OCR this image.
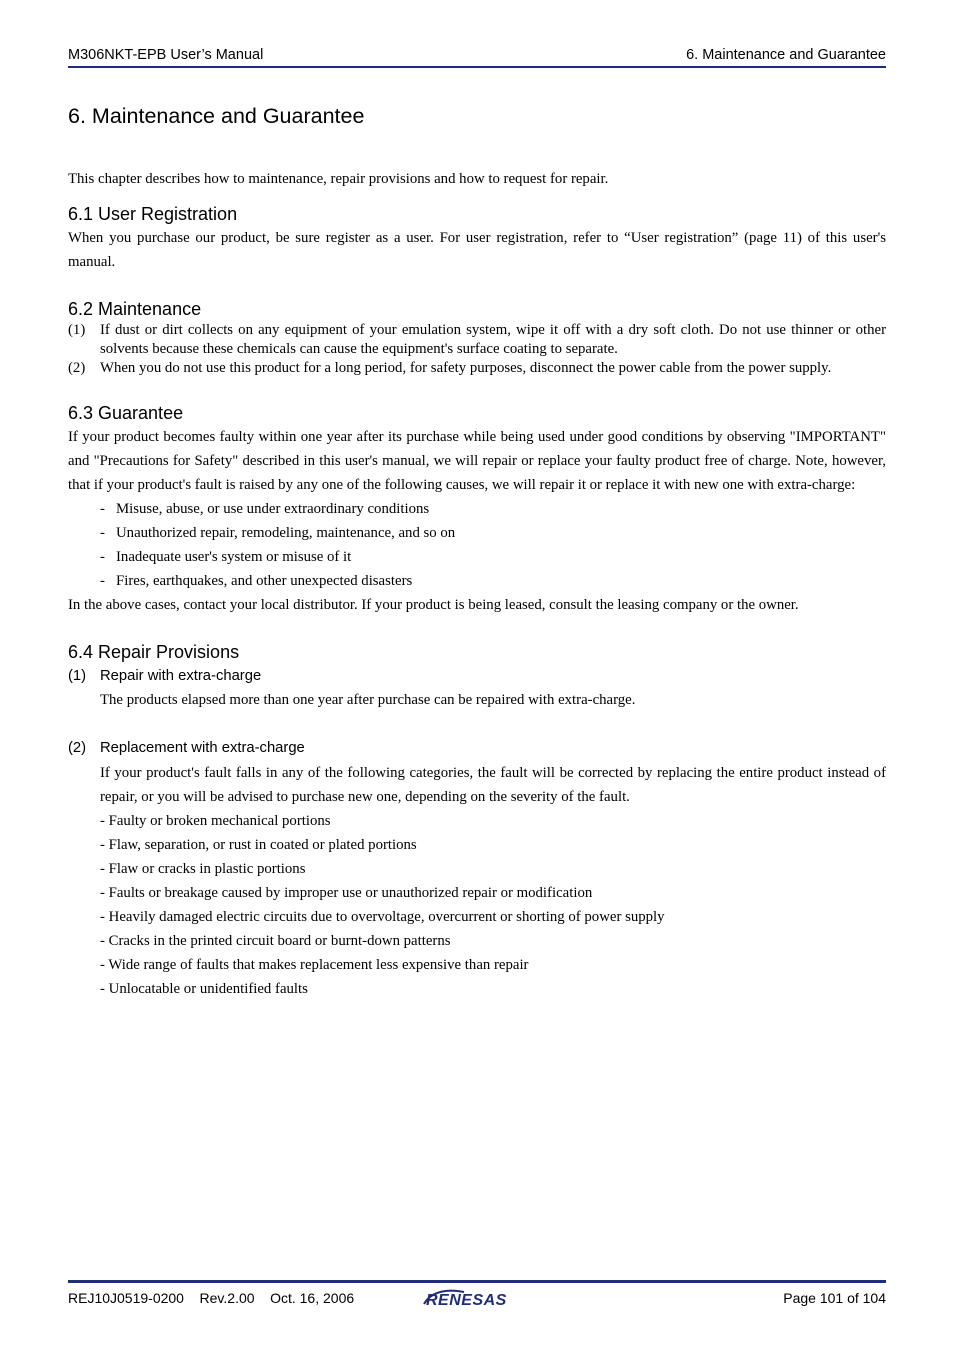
M306NKT-EPB User’s Manual	6. Maintenance and Guarantee
6. Maintenance and Guarantee

This chapter describes how to maintenance, repair provisions and how to request for repair.

6.1 User Registration

When you purchase our product, be sure register as a user. For user registration, refer to “User registration” (page 11) of this user's manual.

6.2 Maintenance
(1) If dust or dirt collects on any equipment of your emulation system, wipe it off with a dry soft cloth. Do not use thinner or other solvents because these chemicals can cause the equipment's surface coating to separate.
(2) When you do not use this product for a long period, for safety purposes, disconnect the power cable from the power supply.
6.3 Guarantee

If your product becomes faulty within one year after its purchase while being used under good conditions by observing "IMPORTANT" and "Precautions for Safety" described in this user's manual, we will repair or replace your faulty product free of charge. Note, however, that if your product's fault is raised by any one of the following causes, we will repair it or replace it with new one with extra-charge:

- Misuse, abuse, or use under extraordinary conditions
- Unauthorized repair, remodeling, maintenance, and so on
- Inadequate user's system or misuse of it
- Fires, earthquakes, and other unexpected disasters

In the above cases, contact your local distributor. If your product is being leased, consult the leasing company or the owner.

6.4 Repair Provisions
(1) Repair with extra-charge

The products elapsed more than one year after purchase can be repaired with extra-charge.

(2) Replacement with extra-charge

If your product's fault falls in any of the following categories, the fault will be corrected by replacing the entire product instead of repair, or you will be advised to purchase new one, depending on the severity of the fault.

- Faulty or broken mechanical portions
- Flaw, separation, or rust in coated or plated portions
- Flaw or cracks in plastic portions
- Faults or breakage caused by improper use or unauthorized repair or modification
- Heavily damaged electric circuits due to overvoltage, overcurrent or shorting of power supply
- Cracks in the printed circuit board or burnt-down patterns
- Wide range of faults that makes replacement less expensive than repair
- Unlocatable or unidentified faults
REJ10J0519-0200    Rev.2.00    Oct. 16, 2006	RENESAS	Page 101 of 104
